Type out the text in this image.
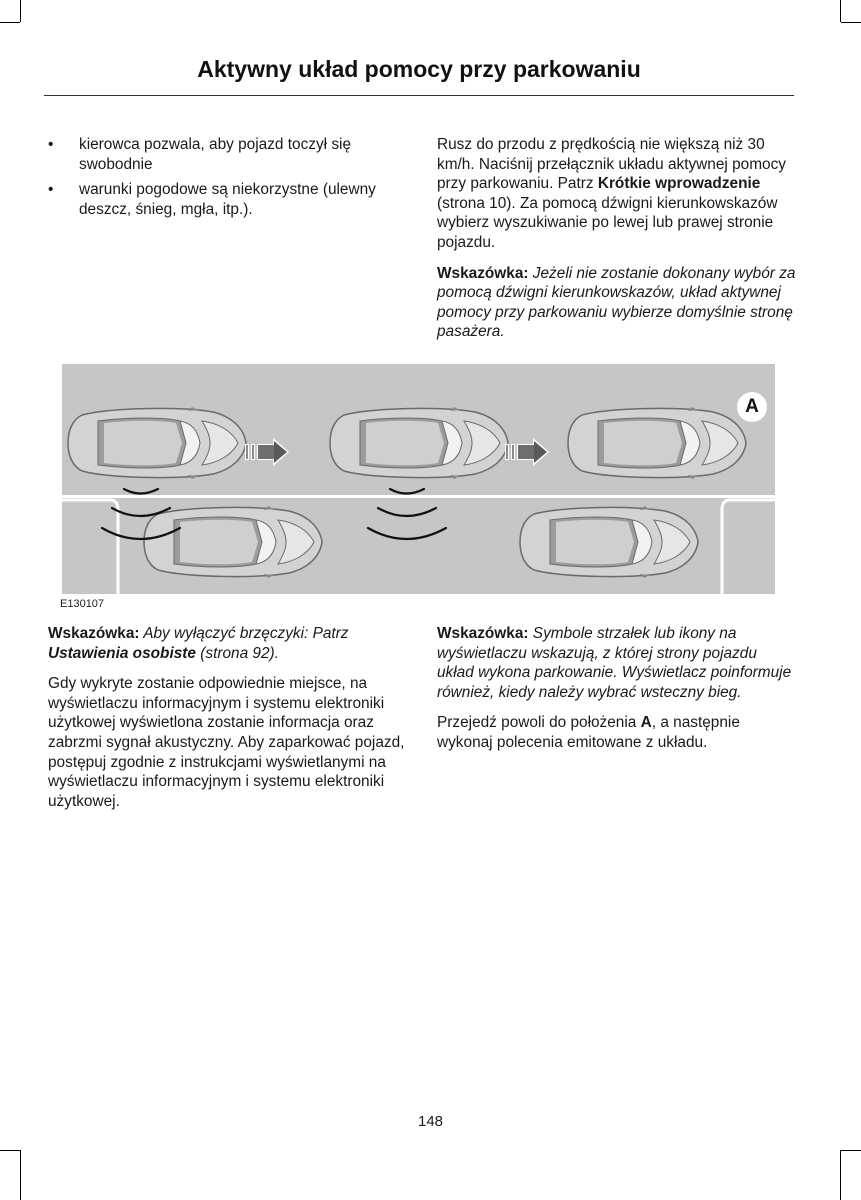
Aktywny układ pomocy przy parkowaniu
• kierowca pozwala, aby pojazd toczył się swobodnie
• warunki pogodowe są niekorzystne (ulewny deszcz, śnieg, mgła, itp.).

Rusz do przodu z prędkością nie większą niż 30 km/h. Naciśnij przełącznik układu aktywnej pomocy przy parkowaniu. Patrz Krótkie wprowadzenie (strona 10). Za pomocą dźwigni kierunkowskazów wybierz wyszukiwanie po lewej lub prawej stronie pojazdu.

Wskazówka: Jeżeli nie zostanie dokonany wybór za pomocą dźwigni kierunkowskazów, układ aktywnej pomocy przy parkowaniu wybierze domyślnie stronę pasażera.

A
E130107

Wskazówka: Aby wyłączyć brzęczyki: Patrz Ustawienia osobiste (strona 92).

Gdy wykryte zostanie odpowiednie miejsce, na wyświetlaczu informacyjnym i systemu elektroniki użytkowej wyświetlona zostanie informacja oraz zabrzmi sygnał akustyczny. Aby zaparkować pojazd, postępuj zgodnie z instrukcjami wyświetlanymi na wyświetlaczu informacyjnym i systemu elektroniki użytkowej.

Wskazówka: Symbole strzałek lub ikony na wyświetlaczu wskazują, z której strony pojazdu układ wykona parkowanie. Wyświetlacz poinformuje również, kiedy należy wybrać wsteczny bieg.

Przejedź powoli do położenia A, a następnie wykonaj polecenia emitowane z układu.

148
